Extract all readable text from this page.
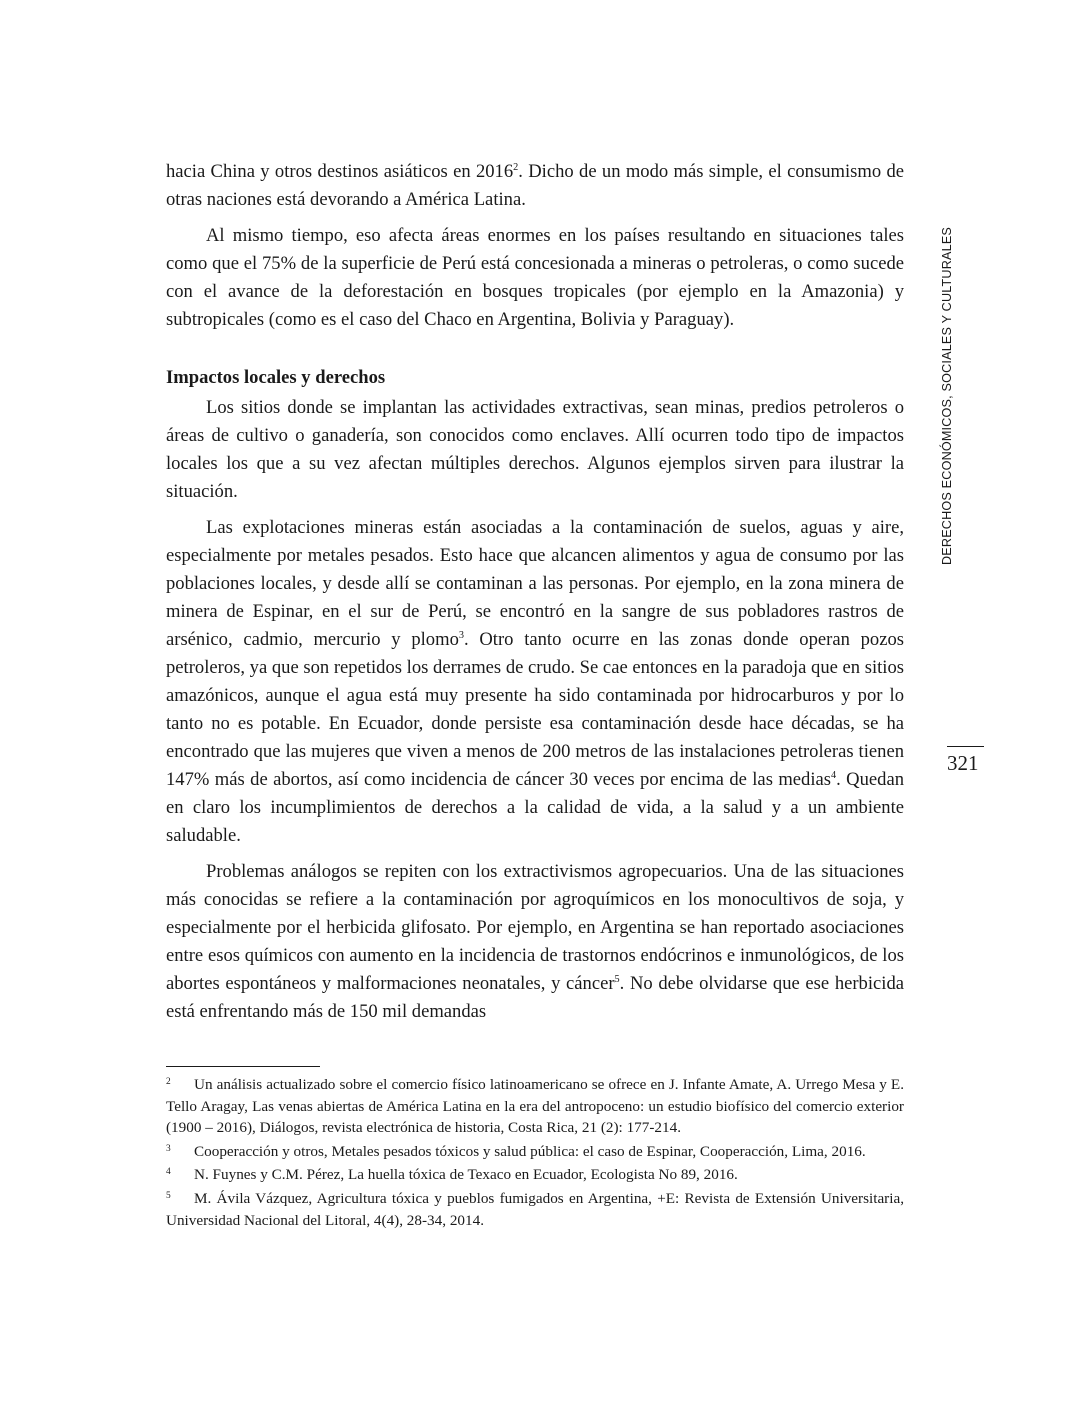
hacia China y otros destinos asiáticos en 2016$^2$. Dicho de un modo más simple, el consumismo de otras naciones está devorando a América Latina.

Al mismo tiempo, eso afecta áreas enormes en los países resultando en situaciones tales como que el 75% de la superficie de Perú está concesionada a mineras o petroleras, o como sucede con el avance de la deforestación en bosques tropicales (por ejemplo en la Amazonia) y subtropicales (como es el caso del Chaco en Argentina, Bolivia y Paraguay).

Impactos locales y derechos

Los sitios donde se implantan las actividades extractivas, sean minas, predios petroleros o áreas de cultivo o ganadería, son conocidos como enclaves. Allí ocurren todo tipo de impactos locales los que a su vez afectan múltiples derechos. Algunos ejemplos sirven para ilustrar la situación.

Las explotaciones mineras están asociadas a la contaminación de suelos, aguas y aire, especialmente por metales pesados. Esto hace que alcancen alimentos y agua de consumo por las poblaciones locales, y desde allí se contaminan a las personas. Por ejemplo, en la zona minera de minera de Espinar, en el sur de Perú, se encontró en la sangre de sus pobladores rastros de arsénico, cadmio, mercurio y plomo$^3$. Otro tanto ocurre en las zonas donde operan pozos petroleros, ya que son repetidos los derrames de crudo. Se cae entonces en la paradoja que en sitios amazónicos, aunque el agua está muy presente ha sido contaminada por hidrocarburos y por lo tanto no es potable. En Ecuador, donde persiste esa contaminación desde hace décadas, se ha encontrado que las mujeres que viven a menos de 200 metros de las instalaciones petroleras tienen 147% más de abortos, así como incidencia de cáncer 30 veces por encima de las medias$^4$. Quedan en claro los incumplimientos de derechos a la calidad de vida, a la salud y a un ambiente saludable.

Problemas análogos se repiten con los extractivismos agropecuarios. Una de las situaciones más conocidas se refiere a la contaminación por agroquímicos en los monocultivos de soja, y especialmente por el herbicida glifosato. Por ejemplo, en Argentina se han reportado asociaciones entre esos químicos con aumento en la incidencia de trastornos endócrinos e inmunológicos, de los abortes espontáneos y malformaciones neonatales, y cáncer$^5$. No debe olvidarse que ese herbicida está enfrentando más de 150 mil demandas

2 Un análisis actualizado sobre el comercio físico latinoamericano se ofrece en J. Infante Amate, A. Urrego Mesa y E. Tello Aragay, Las venas abiertas de América Latina en la era del antropoceno: un estudio biofísico del comercio exterior (1900 – 2016), Diálogos, revista electrónica de historia, Costa Rica, 21 (2): 177-214.

3 Cooperacción y otros, Metales pesados tóxicos y salud pública: el caso de Espinar, Cooperacción, Lima, 2016.

4 N. Fuynes y C.M. Pérez, La huella tóxica de Texaco en Ecuador, Ecologista No 89, 2016.

5 M. Ávila Vázquez, Agricultura tóxica y pueblos fumigados en Argentina, +E: Revista de Extensión Universitaria, Universidad Nacional del Litoral, 4(4), 28-34, 2014.

DERECHOS ECONÓMICOS, SOCIALES Y CULTURALES
321
